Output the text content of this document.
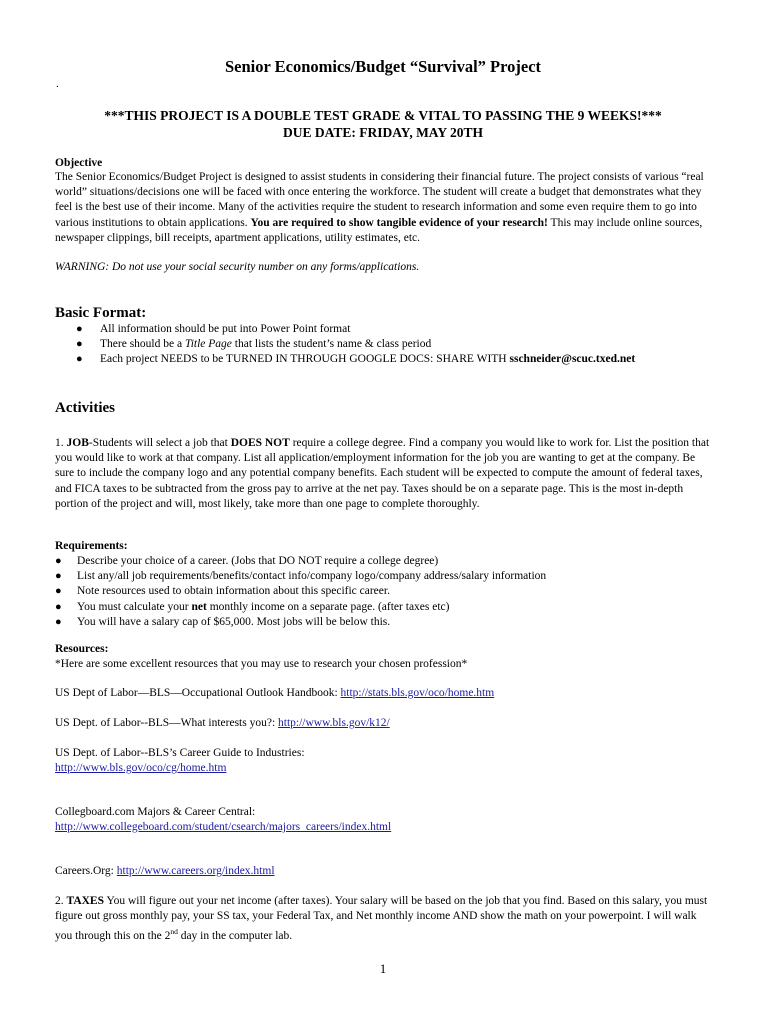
Senior Economics/Budget “Survival” Project
.
***THIS PROJECT IS A DOUBLE TEST GRADE & VITAL TO PASSING THE 9 WEEKS!***
DUE DATE: FRIDAY, MAY 20TH
Objective
The Senior Economics/Budget Project is designed to assist students in considering their financial future. The project consists of various “real world” situations/decisions one will be faced with once entering the workforce. The student will create a budget that demonstrates what they feel is the best use of their income. Many of the activities require the student to research information and some even require them to go into various institutions to obtain applications. You are required to show tangible evidence of your research! This may include online sources, newspaper clippings, bill receipts, apartment applications, utility estimates, etc.
WARNING: Do not use your social security number on any forms/applications.
Basic Format:
● All information should be put into Power Point format
● There should be a Title Page that lists the student’s name & class period
● Each project NEEDS to be TURNED IN THROUGH GOOGLE DOCS: SHARE WITH sschneider@scuc.txed.net
Activities
1. JOB-Students will select a job that DOES NOT require a college degree. Find a company you would like to work for. List the position that you would like to work at that company. List all application/employment information for the job you are wanting to get at the company. Be sure to include the company logo and any potential company benefits. Each student will be expected to compute the amount of federal taxes, and FICA taxes to be subtracted from the gross pay to arrive at the net pay. Taxes should be on a separate page. This is the most in-depth portion of the project and will, most likely, take more than one page to complete thoroughly.
Requirements:
● Describe your choice of a career. (Jobs that DO NOT require a college degree)
● List any/all job requirements/benefits/contact info/company logo/company address/salary information
● Note resources used to obtain information about this specific career.
● You must calculate your net monthly income on a separate page. (after taxes etc)
● You will have a salary cap of $65,000. Most jobs will be below this.
Resources:
*Here are some excellent resources that you may use to research your chosen profession*
US Dept of Labor—BLS—Occupational Outlook Handbook: http://stats.bls.gov/oco/home.htm
US Dept. of Labor--BLS—What interests you?: http://www.bls.gov/k12/
US Dept. of Labor--BLS’s Career Guide to Industries:
http://www.bls.gov/oco/cg/home.htm
Collegboard.com Majors & Career Central:
http://www.collegeboard.com/student/csearch/majors_careers/index.html
Careers.Org: http://www.careers.org/index.html
2. TAXES You will figure out your net income (after taxes). Your salary will be based on the job that you find. Based on this salary, you must figure out gross monthly pay, your SS tax, your Federal Tax, and Net monthly income AND show the math on your powerpoint. I will walk you through this on the 2nd day in the computer lab.
1
